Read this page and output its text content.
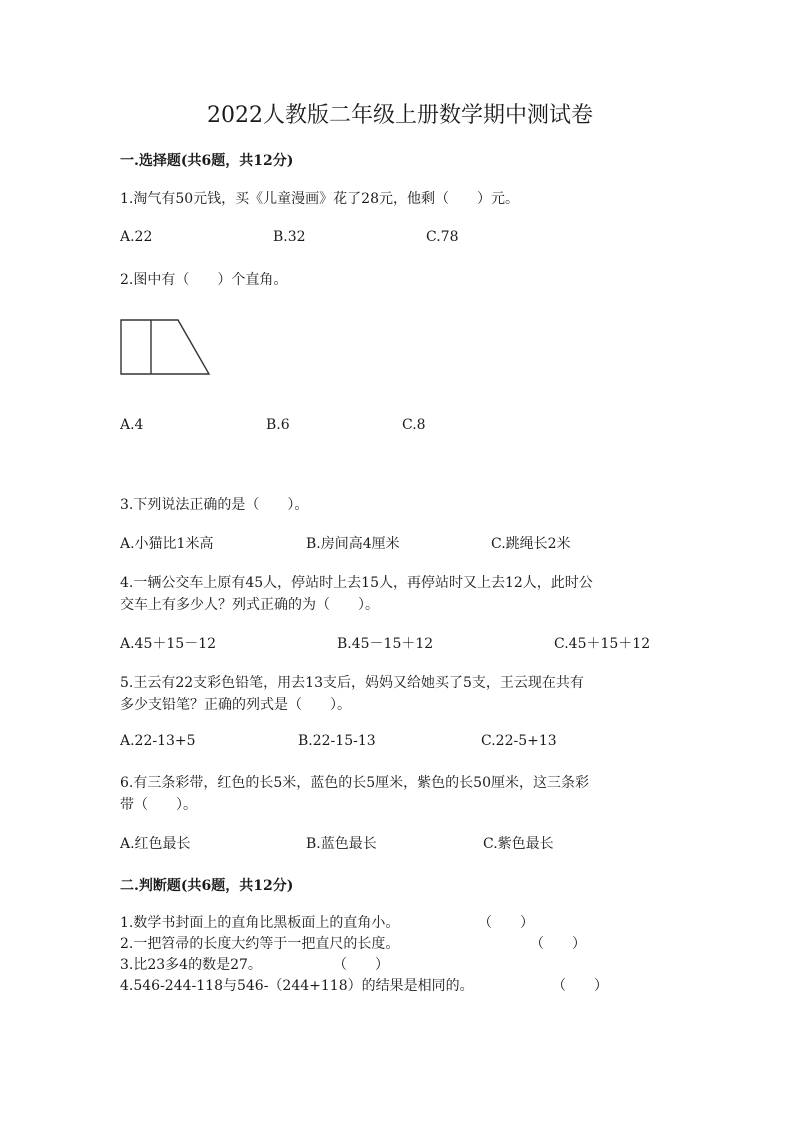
2022人教版二年级上册数学期中测试卷
一.选择题(共6题，共12分)
1.淘气有50元钱，买《儿童漫画》花了28元，他剩（　　）元。
A.22	B.32	C.78
2.图中有（　　）个直角。
A.4	B.6	C.8
3.下列说法正确的是（　　）。
A.小猫比1米高	B.房间高4厘米	C.跳绳长2米
4.一辆公交车上原有45人，停站时上去15人，再停站时又上去12人，此时公
交车上有多少人？列式正确的为（　　）。
A.45＋15－12	B.45－15＋12	C.45＋15＋12
5.王云有22支彩色铅笔，用去13支后，妈妈又给她买了5支，王云现在共有
多少支铅笔？正确的列式是（　　）。
A.22-13+5	B.22-15-13	C.22-5+13
6.有三条彩带，红色的长5米，蓝色的长5厘米，紫色的长50厘米，这三条彩
带（　　）。
A.红色最长	B.蓝色最长	C.紫色最长
二.判断题(共6题，共12分)
1.数学书封面上的直角比黑板面上的直角小。	（　　）
2.一把笤帚的长度大约等于一把直尺的长度。	（　　）
3.比23多4的数是27。	（　　）
4.546-244-118与546-（244+118）的结果是相同的。	（　　）
